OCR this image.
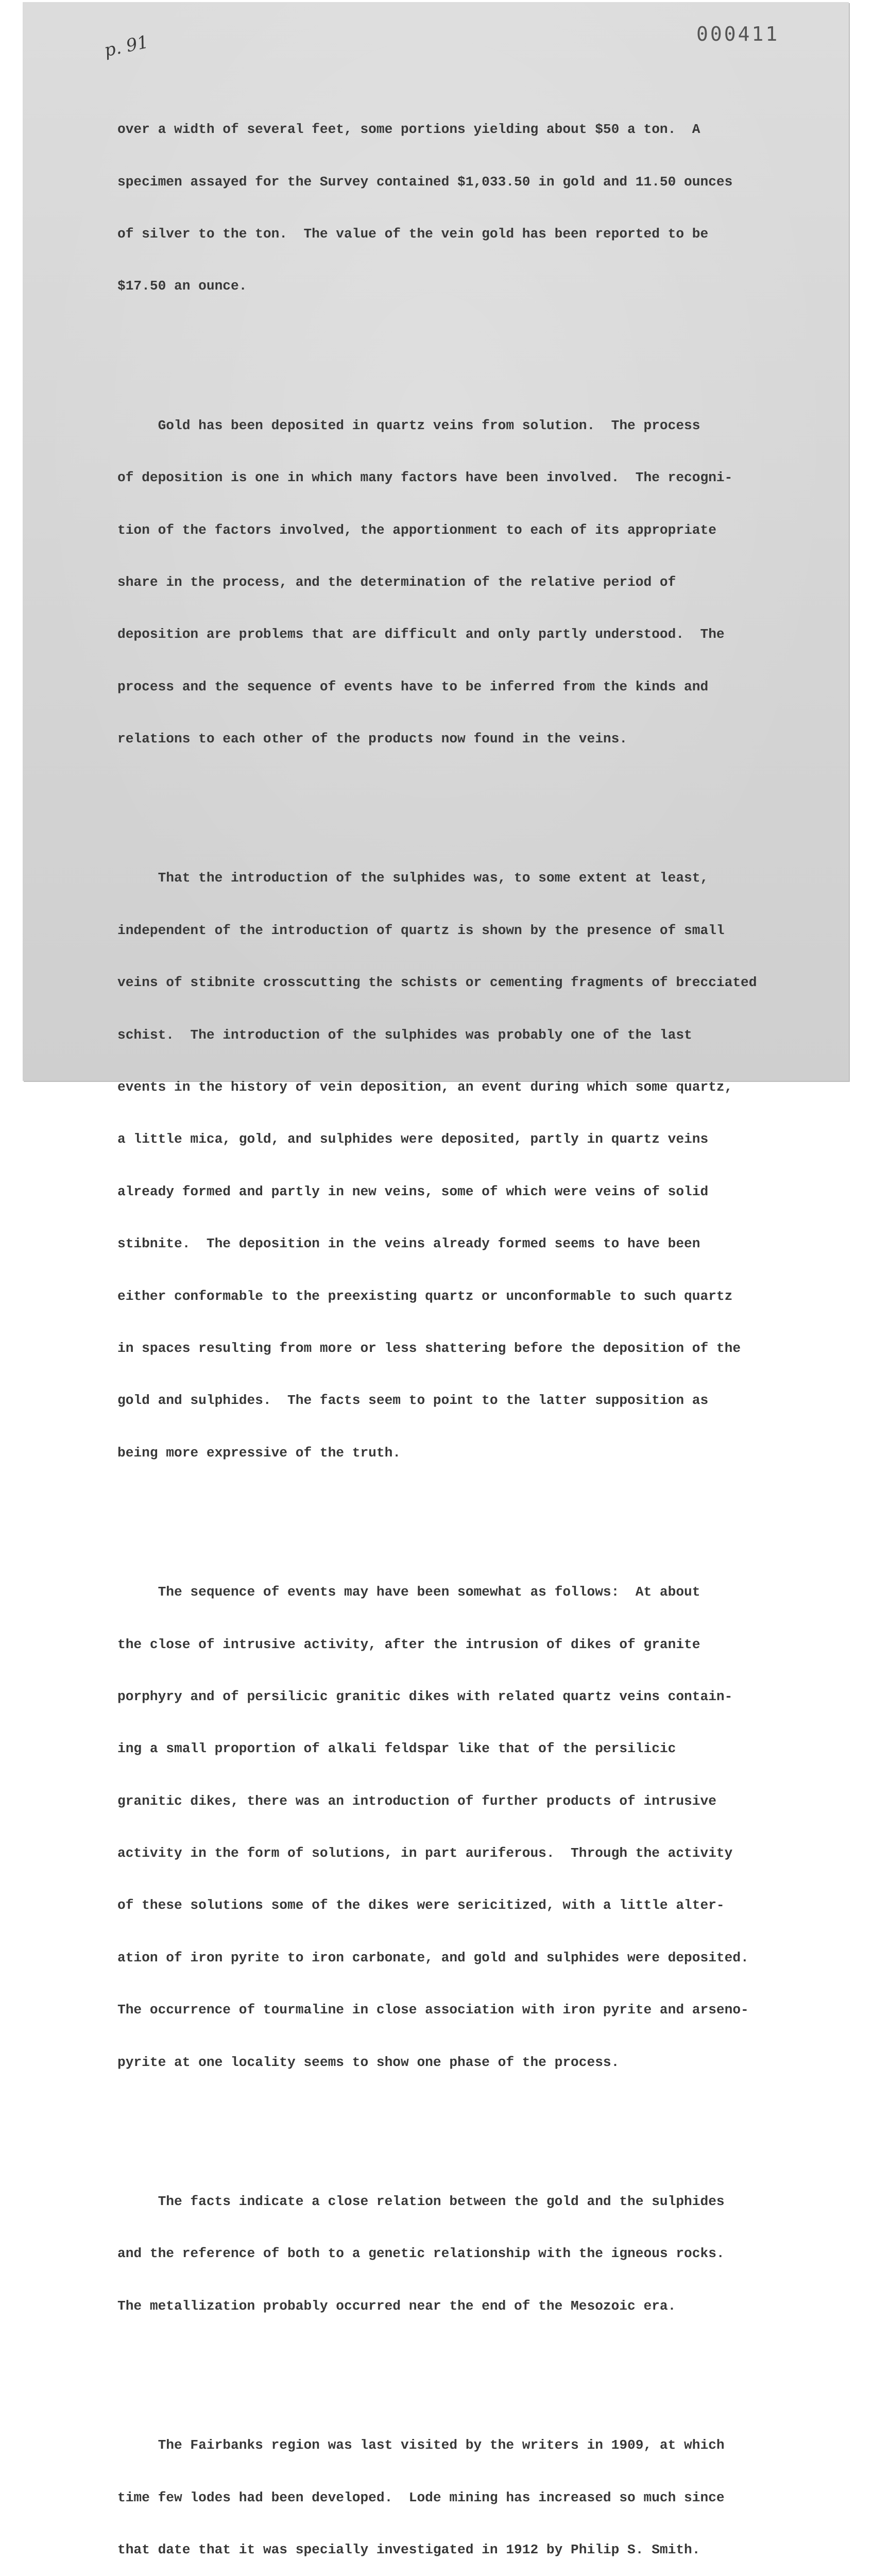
p. 91	000411

over a width of several feet, some portions yielding about $50 a ton.  A

specimen assayed for the Survey contained $1,033.50 in gold and 11.50 ounces

of silver to the ton.  The value of the vein gold has been reported to be

$17.50 an ounce.

Gold has been deposited in quartz veins from solution.  The process

of deposition is one in which many factors have been involved.  The recogni-

tion of the factors involved, the apportionment to each of its appropriate

share in the process, and the determination of the relative period of

deposition are problems that are difficult and only partly understood.  The

process and the sequence of events have to be inferred from the kinds and

relations to each other of the products now found in the veins.

That the introduction of the sulphides was, to some extent at least,

independent of the introduction of quartz is shown by the presence of small

veins of stibnite crosscutting the schists or cementing fragments of brecciated

schist.  The introduction of the sulphides was probably one of the last

events in the history of vein deposition, an event during which some quartz,

a little mica, gold, and sulphides were deposited, partly in quartz veins

already formed and partly in new veins, some of which were veins of solid

stibnite.  The deposition in the veins already formed seems to have been

either conformable to the preexisting quartz or unconformable to such quartz

in spaces resulting from more or less shattering before the deposition of the

gold and sulphides.  The facts seem to point to the latter supposition as

being more expressive of the truth.

The sequence of events may have been somewhat as follows:  At about

the close of intrusive activity, after the intrusion of dikes of granite

porphyry and of persilicic granitic dikes with related quartz veins contain-

ing a small proportion of alkali feldspar like that of the persilicic

granitic dikes, there was an introduction of further products of intrusive

activity in the form of solutions, in part auriferous.  Through the activity

of these solutions some of the dikes were sericitized, with a little alter-

ation of iron pyrite to iron carbonate, and gold and sulphides were deposited.

The occurrence of tourmaline in close association with iron pyrite and arseno-

pyrite at one locality seems to show one phase of the process.

The facts indicate a close relation between the gold and the sulphides

and the reference of both to a genetic relationship with the igneous rocks.

The metallization probably occurred near the end of the Mesozoic era.

The Fairbanks region was last visited by the writers in 1909, at which

time few lodes had been developed.  Lode mining has increased so much since

that date that it was specially investigated in 1912 by Philip S. Smith.
